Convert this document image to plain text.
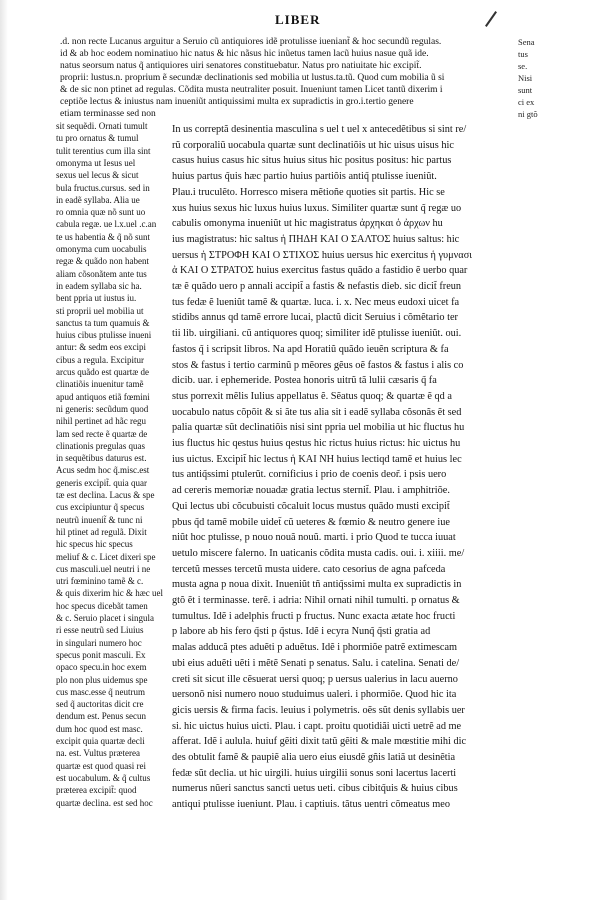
LIBER
.d. non recte Lucanus arguitur a Seruio cũ antiquiores idẽ protulisse iueniant̃ & hoc secundũ regulas.
id & ab hoc eodem nominatiuo hic natus & hic nãsus hic inũetus tamen lacũ huius nasue quã ide.
natus seorsum natus q̃ antiquiores uiri senatores constituebatur. Natus pro natiuitate hic excipit̃.
proprii: lustus.n. proprium ẽ secundæ declinationis sed mobilia ut lustus.ta.tũ. Quod cum mobilia ũ si
& de sic non ptinet ad regulas. Cõdita musta neutraliter posuit. Inueniunt tamen Licet tantũ dixerim i
ceptiõe lectus & iniustus nam inueniũt antiquissimi multa ex supradictis in gro.i.tertio genere
etiam terminasse sed non
Sena
tus
se.
Nisi
sunt
ci ex
ni gtõ
sit sequẽdi. Ornati tumult
tu pro ornatus & tumul
tulit terentius cum illa sint
omonyma ut Iesus uel
sexus uel lecus & sicut
bula fructus.cursus. sed in
in eadẽ syllaba. Alia ue
ro omnia quæ nõ sunt uo
cabula regæ. ue l.x.uel .c.an
te us habentia & q̃ nõ sunt
omonyma cum uocabulis
regæ & quãdo non habent
aliam cõsonãtem ante tus
in eadem syllaba sic ha.
bent ppria ut iustus iu.
sti proprii uel mobilia ut
sanctus ta tum quamuis &
huius cibus ptulisse inueni
antur: & sedm eos excipi
cibus a regula. Excipitur
arcus quãdo est quartæ de
clinatiõis inuenitur tamẽ
apud antiquos etiã fœmini
ni generis: secũdum quod
nihil pertinet ad hãc regu
lam sed recte ẽ quartæ de
clinationis pregulas quas
in sequẽtibus daturus est.
Acus sedm hoc q̃.misc.est
generis excipit̃. quia quar
tæ est declina. Lacus & spe
cus excipiuntur q̃ specus
neutrũ inuenit̃ & tunc ni
hil ptinet ad regulã. Dixit
hic specus hic specus
meliuf & c. Licet dixeri spe
cus masculi.uel neutri i ne
utri fœminino tamẽ & c.
& quis dixerim hic & hæc uel
hoc specus dicebãt tamen
& c. Seruio placet i singula
ri esse neutrũ sed Liuius
in singulari numero hoc
specus ponit masculi. Ex
opaco specu.in hoc exem
plo non plus uidemus spe
cus masc.esse q̃ neutrum
sed q̃ auctoritas dicit cre
dendum est. Penus secun
dum hoc quod est masc.
excipit quia quartæ decli
na. est. Vultus præterea
quartæ est quod quasi rei
est uocabulum. & q̃ cultus
præterea excipit̃: quod
quartæ declina. est sed hoc
In us correptã desinentia masculina s uel t uel x antecedẽtibus si sint re/
rũ corporaliũ uocabula quartæ sunt declinatiõis ut hic uisus uisus hic
casus huius casus hic situs huius situs hic positus positus: hic partus
huius partus q̃uis hæc partio huius partiõis antiq̃ ptulisse iueniũt.
Plau.i truculẽto. Horresco misera mẽtioñe quoties sit partis. Hic se
xus huius sexus hic luxus huius luxus. Similiter quartæ sunt q̃ regæ uo
cabulis omonyma inueniũt ut hic magistratus ἀρχηκαι ὁ ἀρχων hu
ius magistratus: hic saltus ἡ ΠΗΔΗ ΚΑΙ Ο ΣΑΛΤΟΣ huius saltus: hic
uersus ἡ ΣΤΡΟΦΗ ΚΑΙ Ο ΣΤΙΧΟΣ huius uersus hic exercitus ἡ γυμνασι
ἀ ΚΑΙ Ο ΣΤΡΑΤΟΣ huius exercitus fastus quãdo a fastidio ẽ uerbo quar
tæ ẽ quãdo uero p annali accipit̃ a fastis & nefastis dieb. sic dicit̃ freun
tus fedæ ẽ lueniũt tamẽ & quartæ. luca. i. x. Nec meus eudoxi uicet fa
stidibs annus qd tamẽ errore lucai, plactũ dicit Seruius i cõmẽtario ter
tii lib. uirgiliani. cũ antiquores quoq; similiter idẽ ptulisse iueniũt. oui.
fastos q̃ i scripsit libros. Na apd Horatiũ quãdo ieuẽn scriptura & fa
stos & fastus i tertio carminũ p mẽores gẽus oẽ fastos & fastus i alis co
dicib. uar. i ephemeride. Postea honoris uitrũ tã lulii cæsaris q̃ fa
stus porrexit mẽlis Iulius appellatus ẽ. Sẽatus quoq; & quartæ ẽ qd a
uocabulo natus cõpõit & si ãte tus alia sit i eadẽ syllaba cõsonãs ẽt sed
palia quartæ sũt declinatiõis nisi sint ppria uel mobilia ut hic fluctus hu
ius fluctus hic qestus huius qestus hic rictus huius rictus: hic uictus hu
ius uictus. Excipit̃ hic lectus ἡ ΚΑΙ ΝΗ huius lectiqd tamẽ et huius lec
tus antiq̃ssimi ptulerũt. cornificius i prio de coenis deor̃. i psis uero
ad cereris memoriæ nouadæ gratia lectus sternit̃. Plau. i amphitriõe.
Qui lectus ubi cõcubuisti cõcaluit locus mustus quãdo musti excipit̃
pbus q̃d tamẽ mobile uidet̃ cũ ueteres & fœmio & neutro genere iue
niũt hoc ptulisse, p nouo nouã nouũ. marti. i prio Quod te tucca iuuat
uetulo miscere falerno. In uaticanis cõdita musta cadis. oui. i. xiiii. me/
tercetũ messes tercetũ musta uidere. cato cesorius de agna pafceda
musta agna p noua dixit. Inueniũt tñ antiq̃ssimi multa ex supradictis in
gtõ ẽt i terminasse. terẽ. i adria: Nihil ornati nihil tumulti. p ornatus &
tumultus. Idẽ i adelphis fructi p fructus. Nunc exacta ætate hoc fructi
p labore ab his fero q̃sti p q̃stus. Idẽ i ecyra Nunq̃ q̃sti gratia ad
malas adducã ptes aduẽti p aduẽtus. Idẽ i phormiõe patrẽ extimescam
ubi eius aduẽti uẽti i mẽtẽ Senati p senatus. Salu. i catelina. Senati de/
creti sit sicut ille cẽsuerat uersi quoq; p uersus ualerius in lacu auerno
uersonõ nisi numero nouo studuimus ualeri. i phormiõe. Quod hic ita
gicis uersis & firma facis. leuius i polymetris. oẽs sũt denis syllabis uer
si. hic uictus huius uicti. Plau. i capt. proitu quotidiãi uicti uetrẽ ad me
afferat. Idẽ i aulula. huiuf gẽiti dixit tatũ gẽiti & male mœstitie mihi dic
des obtulit famẽ & paupiẽ alia uero eius eiusdẽ gñis latiã ut desinẽtia
fedæ sũt declia. ut hic uirgili. huius uirgilii sonus soni lacertus lacerti
numerus nũeri sanctus sancti uetus ueti. cibus cibitq̃uis & huius cibus
antiqui ptulisse iueniunt. Plau. i captiuis. tãtus uentri cõmeatus meo
